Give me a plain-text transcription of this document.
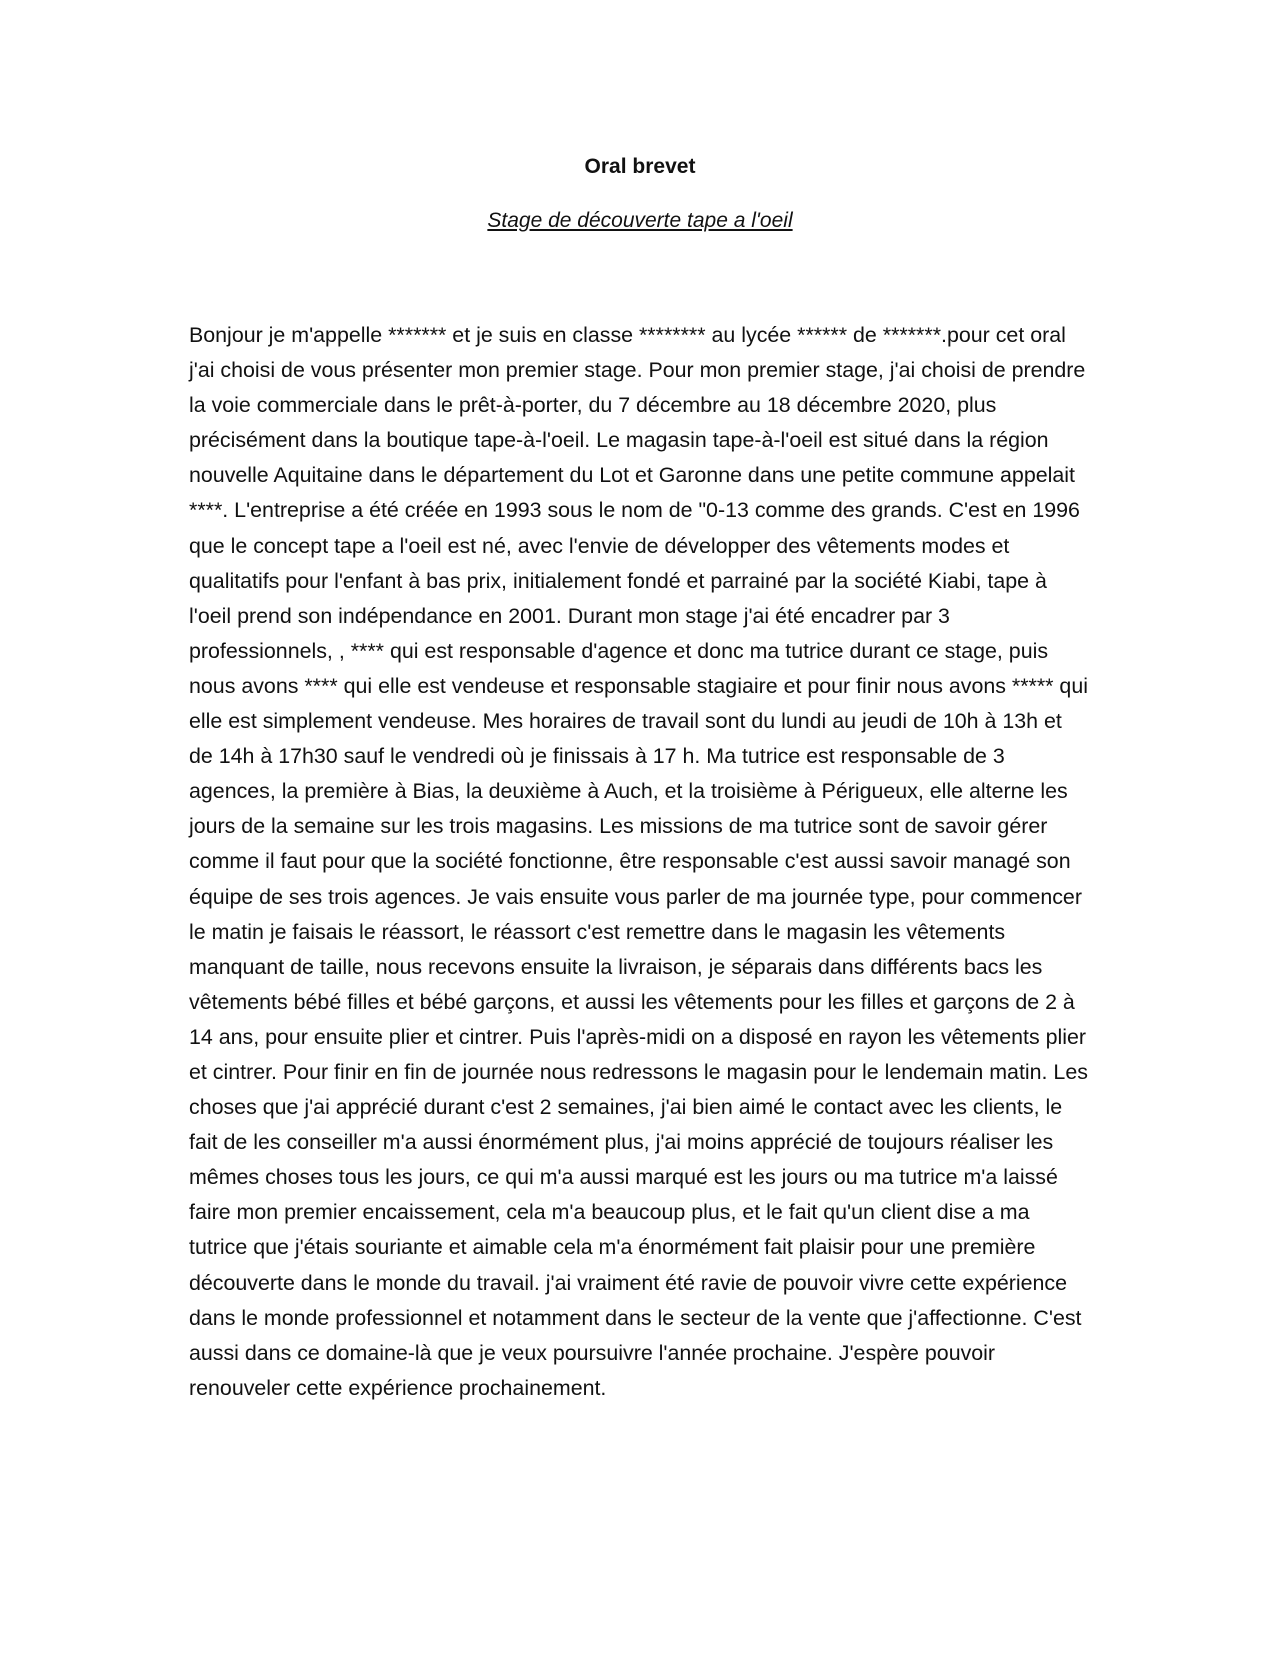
Oral brevet
Stage de découverte tape a l'oeil
Bonjour je m'appelle ******* et je suis en classe ******** au lycée ****** de *******.pour cet oral j'ai choisi de vous présenter mon premier stage. Pour mon premier stage, j'ai choisi de prendre la voie commerciale dans le prêt-à-porter, du 7 décembre au 18 décembre 2020, plus précisément dans la boutique tape-à-l'oeil. Le magasin tape-à-l'oeil est situé dans la région nouvelle Aquitaine dans le département du Lot et Garonne dans une petite commune appelait ****. L'entreprise a été créée en 1993 sous le nom de "0-13 comme des grands. C'est en 1996 que le concept tape a l'oeil est né, avec l'envie de développer des vêtements modes et qualitatifs pour l'enfant à bas prix, initialement fondé et parrainé par la société Kiabi, tape à l'oeil prend son indépendance en 2001. Durant mon stage j'ai été encadrer par 3 professionnels, , **** qui est responsable d'agence et donc ma tutrice durant ce stage, puis nous avons **** qui elle est vendeuse et responsable stagiaire et pour finir nous avons ***** qui elle est simplement vendeuse. Mes horaires de travail sont du lundi au jeudi de 10h à 13h et de 14h à 17h30 sauf le vendredi où je finissais à 17 h. Ma tutrice est responsable de 3 agences, la première à Bias, la deuxième à Auch, et la troisième à Périgueux, elle alterne les jours de la semaine sur les trois magasins. Les missions de ma tutrice sont de savoir gérer comme il faut pour que la société fonctionne, être responsable c'est aussi savoir managé son équipe de ses trois agences. Je vais ensuite vous parler de ma journée type, pour commencer le matin je faisais le réassort, le réassort c'est remettre dans le magasin les vêtements manquant de taille, nous recevons ensuite la livraison, je séparais dans différents bacs les vêtements bébé filles et bébé garçons, et aussi les vêtements pour les filles et garçons de 2 à 14 ans, pour ensuite plier et cintrer. Puis l'après-midi on a disposé en rayon les vêtements plier et cintrer. Pour finir en fin de journée nous redressons le magasin pour le lendemain matin. Les choses que j'ai apprécié durant c'est 2 semaines, j'ai bien aimé le contact avec les clients, le fait de les conseiller m'a aussi énormément plus, j'ai moins apprécié de toujours réaliser les mêmes choses tous les jours, ce qui m'a aussi marqué est les jours ou ma tutrice m'a laissé faire mon premier encaissement, cela m'a beaucoup plus, et le fait qu'un client dise a ma tutrice que j'étais souriante et aimable cela m'a énormément fait plaisir pour une première découverte dans le monde du travail. j'ai vraiment été ravie de pouvoir vivre cette expérience dans le monde professionnel et notamment dans le secteur de la vente que j'affectionne. C'est aussi dans ce domaine-là que je veux poursuivre l'année prochaine. J'espère pouvoir renouveler cette expérience prochainement.
